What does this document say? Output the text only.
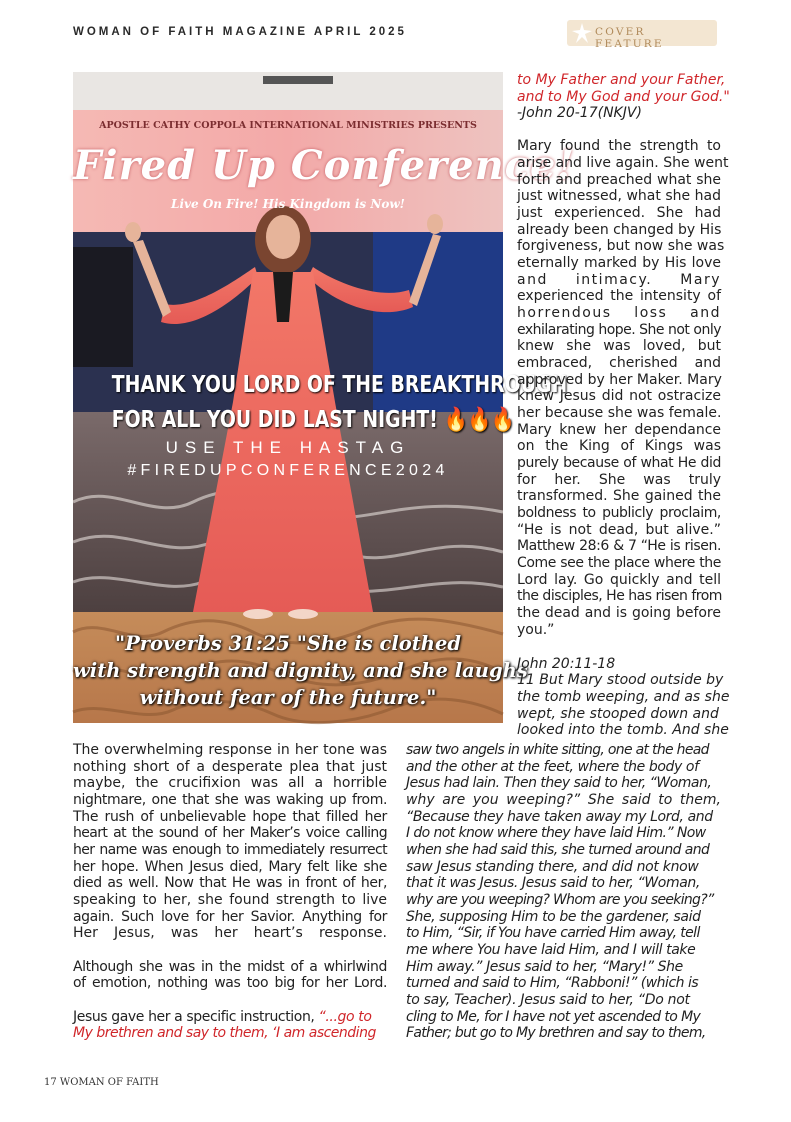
WOMAN OF FAITH MAGAZINE APRIL 2025	COVER FEATURE
APOSTLE CATHY COPPOLA INTERNATIONAL MINISTRIES PRESENTS
Fired Up Conference!
Live On Fire! His Kingdom is Now!
THANK YOU LORD OF THE BREAKTHROUGH
FOR ALL YOU DID LAST NIGHT! 🔥🔥🔥
USE THE HASTAG
#FIREDUPCONFERENCE2024
"Proverbs 31:25 "She is clothed
with strength and dignity, and she laughs
without fear of the future."
to My Father and your Father,
and to My God and your God."
-John 20-17(NKJV)
Mary found the strength to
arise and live again. She went
forth and preached what she
just witnessed, what she had
just experienced. She had
already been changed by His
forgiveness, but now she was
eternally marked by His love
and intimacy. Mary
experienced the intensity of
horrendous loss and
exhilarating hope. She not only
knew she was loved, but
embraced, cherished and
approved by her Maker. Mary
knew Jesus did not ostracize
her because she was female.
Mary knew her dependance
on the King of Kings was
purely because of what He did
for her. She was truly
transformed. She gained the
boldness to publicly proclaim,
“He is not dead, but alive.”
Matthew 28:6 & 7 “He is risen.
Come see the place where the
Lord lay. Go quickly and tell
the disciples, He has risen from
the dead and is going before
you.”
John 20:11-18
11 But Mary stood outside by
the tomb weeping, and as she
wept, she stooped down and
looked into the tomb. And she
The overwhelming response in her tone was
nothing short of a desperate plea that just
maybe, the crucifixion was all a horrible
nightmare, one that she was waking up from.
The rush of unbelievable hope that filled her
heart at the sound of her Maker’s voice calling
her name was enough to immediately resurrect
her hope. When Jesus died, Mary felt like she
died as well. Now that He was in front of her,
speaking to her, she found strength to live
again. Such love for her Savior. Anything for
Her Jesus, was her heart’s response.
Although she was in the midst of a whirlwind
of emotion, nothing was too big for her Lord.
Jesus gave her a specific instruction, “...go to
My brethren and say to them, ‘I am ascending
saw two angels in white sitting, one at the head
and the other at the feet, where the body of
Jesus had lain. Then they said to her, “Woman,
why are you weeping?” She said to them,
“Because they have taken away my Lord, and
I do not know where they have laid Him.” Now
when she had said this, she turned around and
saw Jesus standing there, and did not know
that it was Jesus. Jesus said to her, “Woman,
why are you weeping? Whom are you seeking?”
She, supposing Him to be the gardener, said
to Him, “Sir, if You have carried Him away, tell
me where You have laid Him, and I will take
Him away.” Jesus said to her, “Mary!” She
turned and said to Him, “Rabboni!” (which is
to say, Teacher). Jesus said to her, “Do not
cling to Me, for I have not yet ascended to My
Father; but go to My brethren and say to them,
17 WOMAN OF FAITH
